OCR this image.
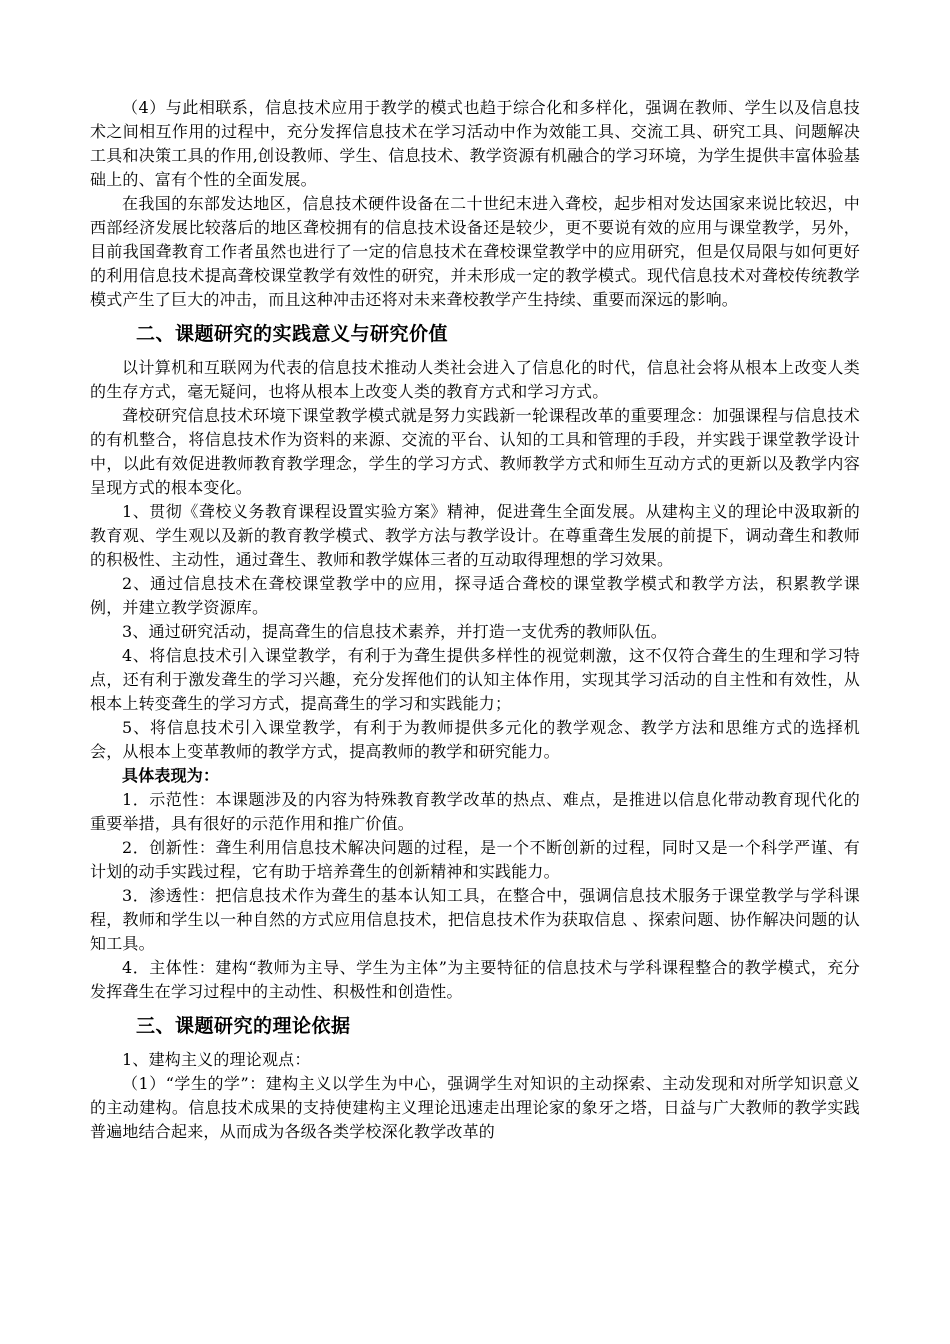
（4）与此相联系，信息技术应用于教学的模式也趋于综合化和多样化，强调在教师、学生以及信息技术之间相互作用的过程中，充分发挥信息技术在学习活动中作为效能工具、交流工具、研究工具、问题解决工具和决策工具的作用,创设教师、学生、信息技术、教学资源有机融合的学习环境，为学生提供丰富体验基础上的、富有个性的全面发展。

在我国的东部发达地区，信息技术硬件设备在二十世纪末进入聋校，起步相对发达国家来说比较迟，中西部经济发展比较落后的地区聋校拥有的信息技术设备还是较少，更不要说有效的应用与课堂教学，另外，目前我国聋教育工作者虽然也进行了一定的信息技术在聋校课堂教学中的应用研究，但是仅局限与如何更好的利用信息技术提高聋校课堂教学有效性的研究，并未形成一定的教学模式。现代信息技术对聋校传统教学模式产生了巨大的冲击，而且这种冲击还将对未来聋校教学产生持续、重要而深远的影响。

二、课题研究的实践意义与研究价值

以计算机和互联网为代表的信息技术推动人类社会进入了信息化的时代，信息社会将从根本上改变人类的生存方式，毫无疑问，也将从根本上改变人类的教育方式和学习方式。

聋校研究信息技术环境下课堂教学模式就是努力实践新一轮课程改革的重要理念：加强课程与信息技术的有机整合，将信息技术作为资料的来源、交流的平台、认知的工具和管理的手段，并实践于课堂教学设计中，以此有效促进教师教育教学理念，学生的学习方式、教师教学方式和师生互动方式的更新以及教学内容呈现方式的根本变化。

1、贯彻《聋校义务教育课程设置实验方案》精神，促进聋生全面发展。从建构主义的理论中汲取新的教育观、学生观以及新的教育教学模式、教学方法与教学设计。在尊重聋生发展的前提下，调动聋生和教师的积极性、主动性，通过聋生、教师和教学媒体三者的互动取得理想的学习效果。

2、通过信息技术在聋校课堂教学中的应用，探寻适合聋校的课堂教学模式和教学方法，积累教学课例，并建立教学资源库。

3、通过研究活动，提高聋生的信息技术素养，并打造一支优秀的教师队伍。

4、将信息技术引入课堂教学，有利于为聋生提供多样性的视觉刺激，这不仅符合聋生的生理和学习特点，还有利于激发聋生的学习兴趣，充分发挥他们的认知主体作用，实现其学习活动的自主性和有效性，从根本上转变聋生的学习方式，提高聋生的学习和实践能力；

5、将信息技术引入课堂教学，有利于为教师提供多元化的教学观念、教学方法和思维方式的选择机会，从根本上变革教师的教学方式，提高教师的教学和研究能力。

具体表现为：

1．示范性：本课题涉及的内容为特殊教育教学改革的热点、难点，是推进以信息化带动教育现代化的重要举措，具有很好的示范作用和推广价值。

2．创新性：聋生利用信息技术解决问题的过程，是一个不断创新的过程，同时又是一个科学严谨、有计划的动手实践过程，它有助于培养聋生的创新精神和实践能力。

3．渗透性：把信息技术作为聋生的基本认知工具，在整合中，强调信息技术服务于课堂教学与学科课程，教师和学生以一种自然的方式应用信息技术，把信息技术作为获取信息 、探索问题、协作解决问题的认知工具。

4．主体性：建构“教师为主导、学生为主体”为主要特征的信息技术与学科课程整合的教学模式，充分发挥聋生在学习过程中的主动性、积极性和创造性。

三、课题研究的理论依据

1、建构主义的理论观点：

（1）“学生的学”：建构主义以学生为中心，强调学生对知识的主动探索、主动发现和对所学知识意义的主动建构。信息技术成果的支持使建构主义理论迅速走出理论家的象牙之塔，日益与广大教师的教学实践普遍地结合起来，从而成为各级各类学校深化教学改革的
